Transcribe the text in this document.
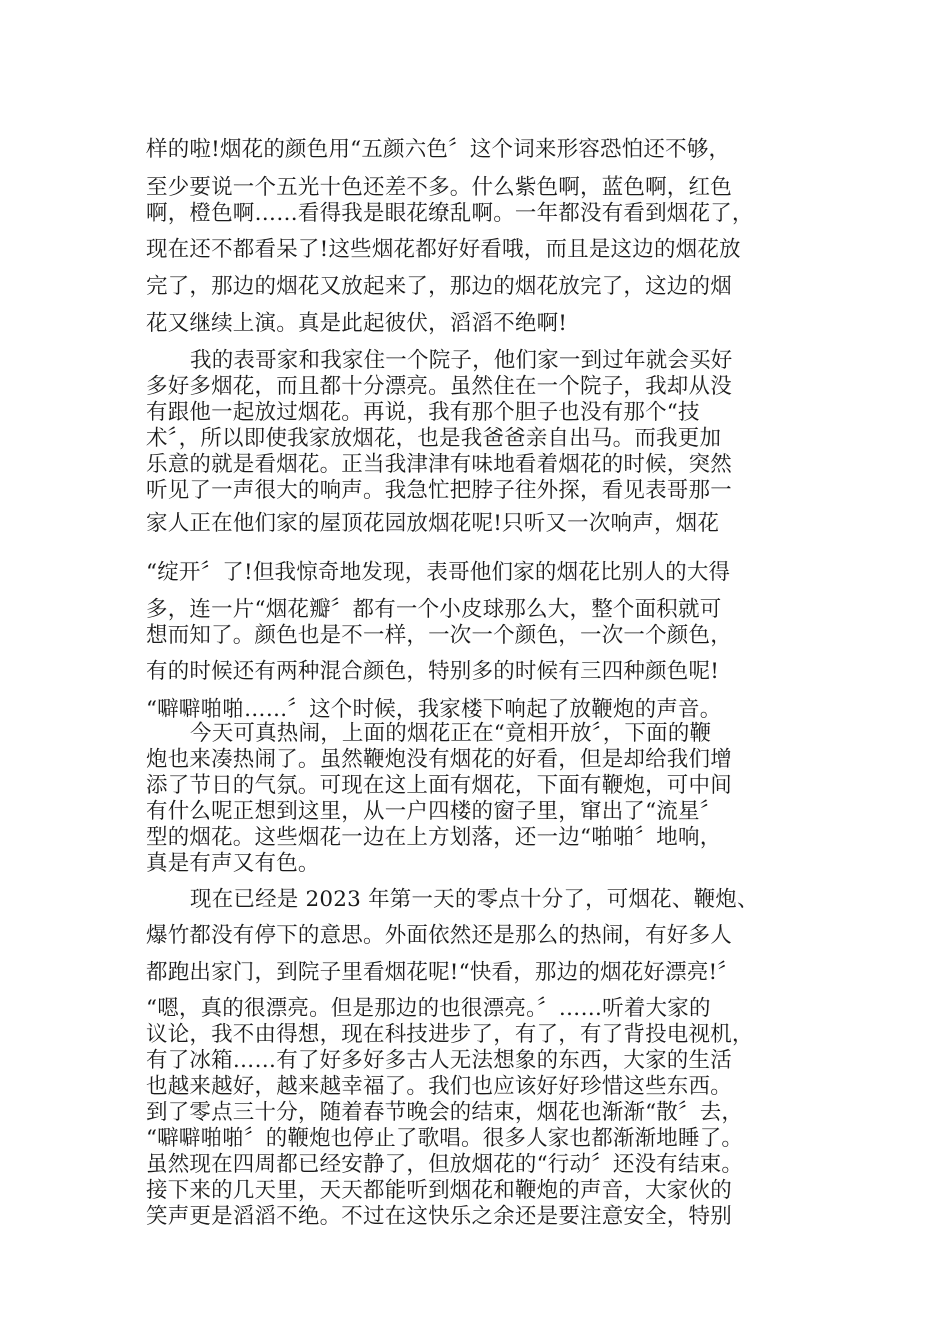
样的啦!烟花的颜色用“五颜六色〞这个词来形容恐怕还不够，
至少要说一个五光十色还差不多。什么紫色啊，蓝色啊，红色
啊，橙色啊……看得我是眼花缭乱啊。一年都没有看到烟花了，
现在还不都看呆了!这些烟花都好好看哦，而且是这边的烟花放
完了，那边的烟花又放起来了，那边的烟花放完了，这边的烟
花又继续上演。真是此起彼伏，滔滔不绝啊!
我的表哥家和我家住一个院子，他们家一到过年就会买好
多好多烟花，而且都十分漂亮。虽然住在一个院子，我却从没
有跟他一起放过烟花。再说，我有那个胆子也没有那个“技
术〞，所以即使我家放烟花，也是我爸爸亲自出马。而我更加
乐意的就是看烟花。正当我津津有味地看着烟花的时候，突然
听见了一声很大的响声。我急忙把脖子往外探，看见表哥那一
家人正在他们家的屋顶花园放烟花呢!只听又一次响声，烟花
“绽开〞了!但我惊奇地发现，表哥他们家的烟花比别人的大得
多，连一片“烟花瓣〞都有一个小皮球那么大，整个面积就可
想而知了。颜色也是不一样，一次一个颜色，一次一个颜色，
有的时候还有两种混合颜色，特别多的时候有三四种颜色呢!
“噼噼啪啪……〞这个时候，我家楼下响起了放鞭炮的声音。
今天可真热闹，上面的烟花正在“竟相开放〞，下面的鞭
炮也来凑热闹了。虽然鞭炮没有烟花的好看，但是却给我们增
添了节日的气氛。可现在这上面有烟花，下面有鞭炮，可中间
有什么呢正想到这里，从一户四楼的窗子里，窜出了“流星〞
型的烟花。这些烟花一边在上方划落，还一边“啪啪〞地响，
真是有声又有色。
现在已经是 2023 年第一天的零点十分了，可烟花、鞭炮、
爆竹都没有停下的意思。外面依然还是那么的热闹，有好多人
都跑出家门，到院子里看烟花呢!“快看，那边的烟花好漂亮!〞
“嗯，真的很漂亮。但是那边的也很漂亮。〞……听着大家的
议论，我不由得想，现在科技进步了，有了，有了背投电视机，
有了冰箱……有了好多好多古人无法想象的东西，大家的生活
也越来越好，越来越幸福了。我们也应该好好珍惜这些东西。
到了零点三十分，随着春节晚会的结束，烟花也渐渐“散〞去，
“噼噼啪啪〞的鞭炮也停止了歌唱。很多人家也都渐渐地睡了。
虽然现在四周都已经安静了，但放烟花的“行动〞还没有结束。
接下来的几天里，天天都能听到烟花和鞭炮的声音，大家伙的
笑声更是滔滔不绝。不过在这快乐之余还是要注意安全，特别
